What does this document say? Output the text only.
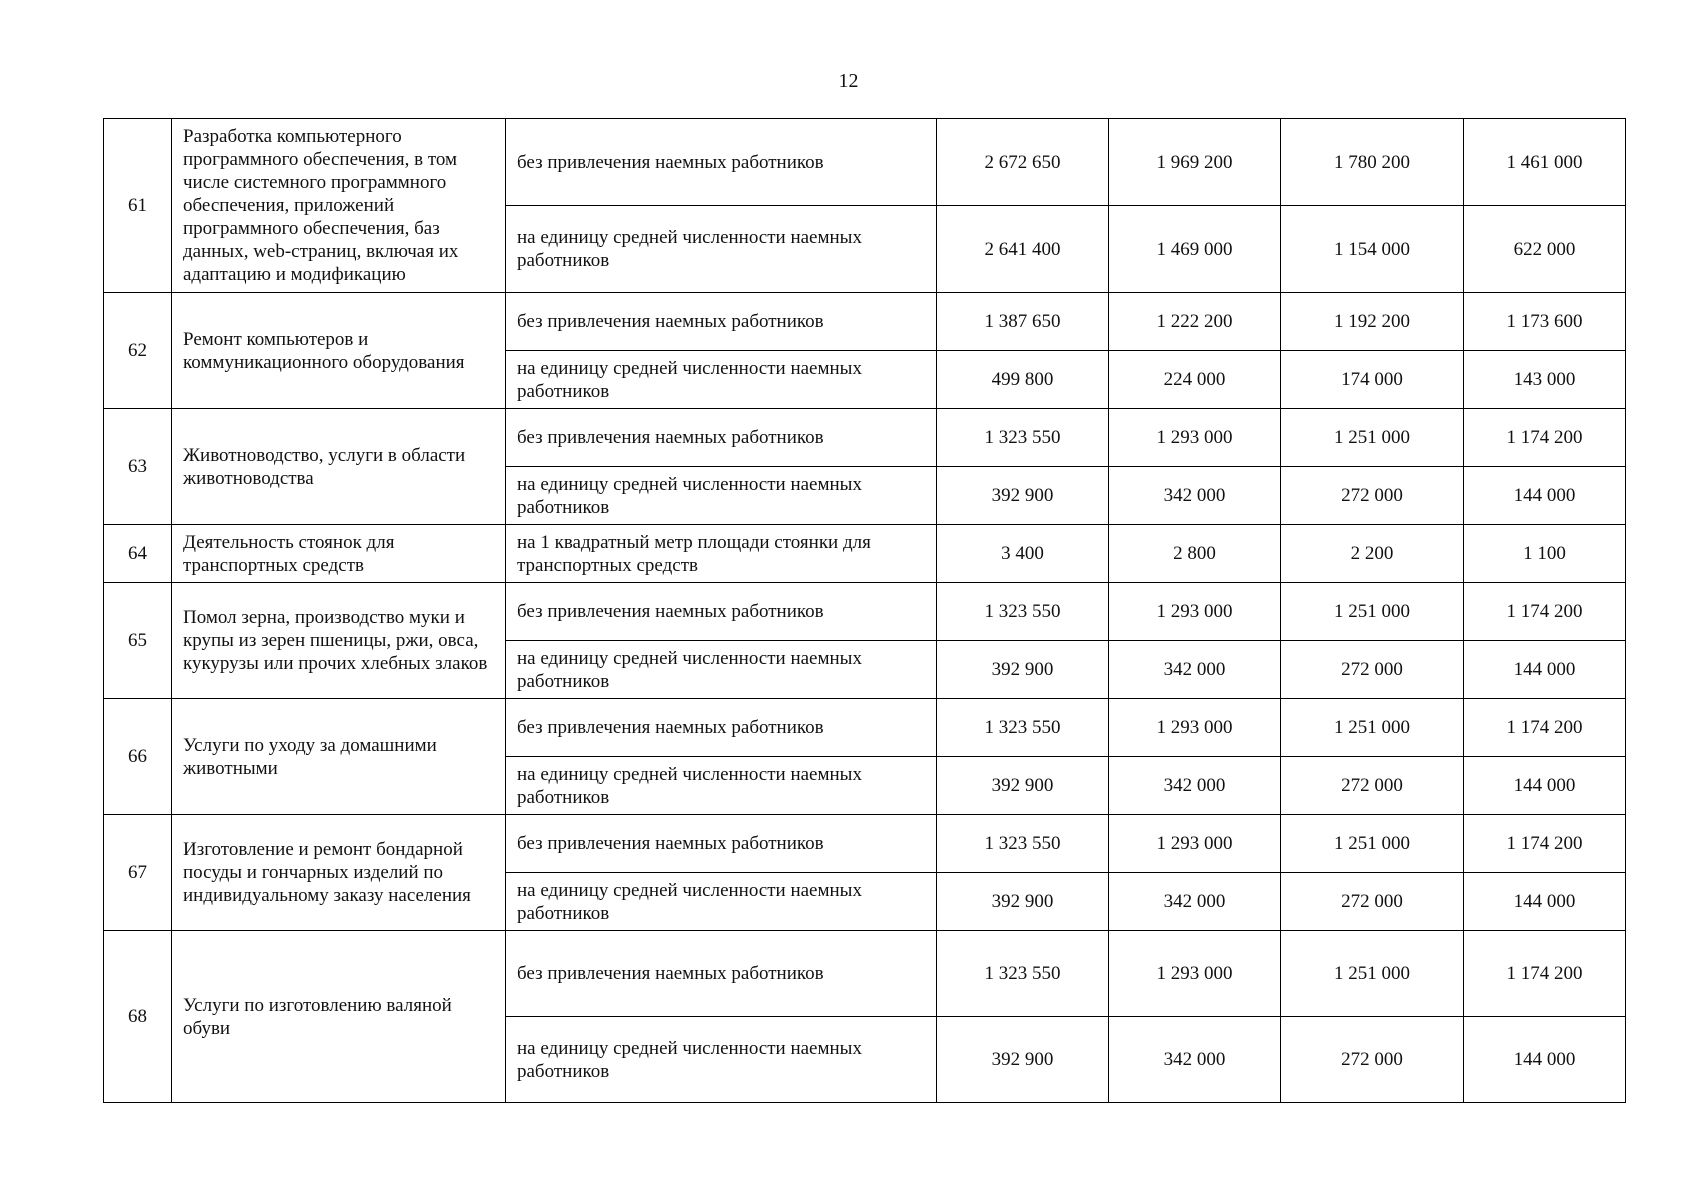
12
61	Разработка компьютерного программного обеспечения, в том числе системного программного обеспечения, приложений программного обеспечения, баз данных, web-страниц, включая их адаптацию и модификацию	без привлечения наемных работников	2 672 650	1 969 200	1 780 200	1 461 000
		на единицу средней численности наемных работников	2 641 400	1 469 000	1 154 000	622 000
62	Ремонт компьютеров и коммуникационного оборудования	без привлечения наемных работников	1 387 650	1 222 200	1 192 200	1 173 600
		на единицу средней численности наемных работников	499 800	224 000	174 000	143 000
63	Животноводство, услуги в области животноводства	без привлечения наемных работников	1 323 550	1 293 000	1 251 000	1 174 200
		на единицу средней численности наемных работников	392 900	342 000	272 000	144 000
64	Деятельность стоянок для транспортных средств	на 1 квадратный метр площади стоянки для транспортных средств	3 400	2 800	2 200	1 100
65	Помол зерна, производство муки и крупы из зерен пшеницы, ржи, овса, кукурузы или прочих хлебных злаков	без привлечения наемных работников	1 323 550	1 293 000	1 251 000	1 174 200
		на единицу средней численности наемных работников	392 900	342 000	272 000	144 000
66	Услуги по уходу за домашними животными	без привлечения наемных работников	1 323 550	1 293 000	1 251 000	1 174 200
		на единицу средней численности наемных работников	392 900	342 000	272 000	144 000
67	Изготовление и ремонт бондарной посуды и гончарных изделий по индивидуальному заказу населения	без привлечения наемных работников	1 323 550	1 293 000	1 251 000	1 174 200
		на единицу средней численности наемных работников	392 900	342 000	272 000	144 000
68	Услуги по изготовлению валяной обуви	без привлечения наемных работников	1 323 550	1 293 000	1 251 000	1 174 200
		на единицу средней численности наемных работников	392 900	342 000	272 000	144 000
